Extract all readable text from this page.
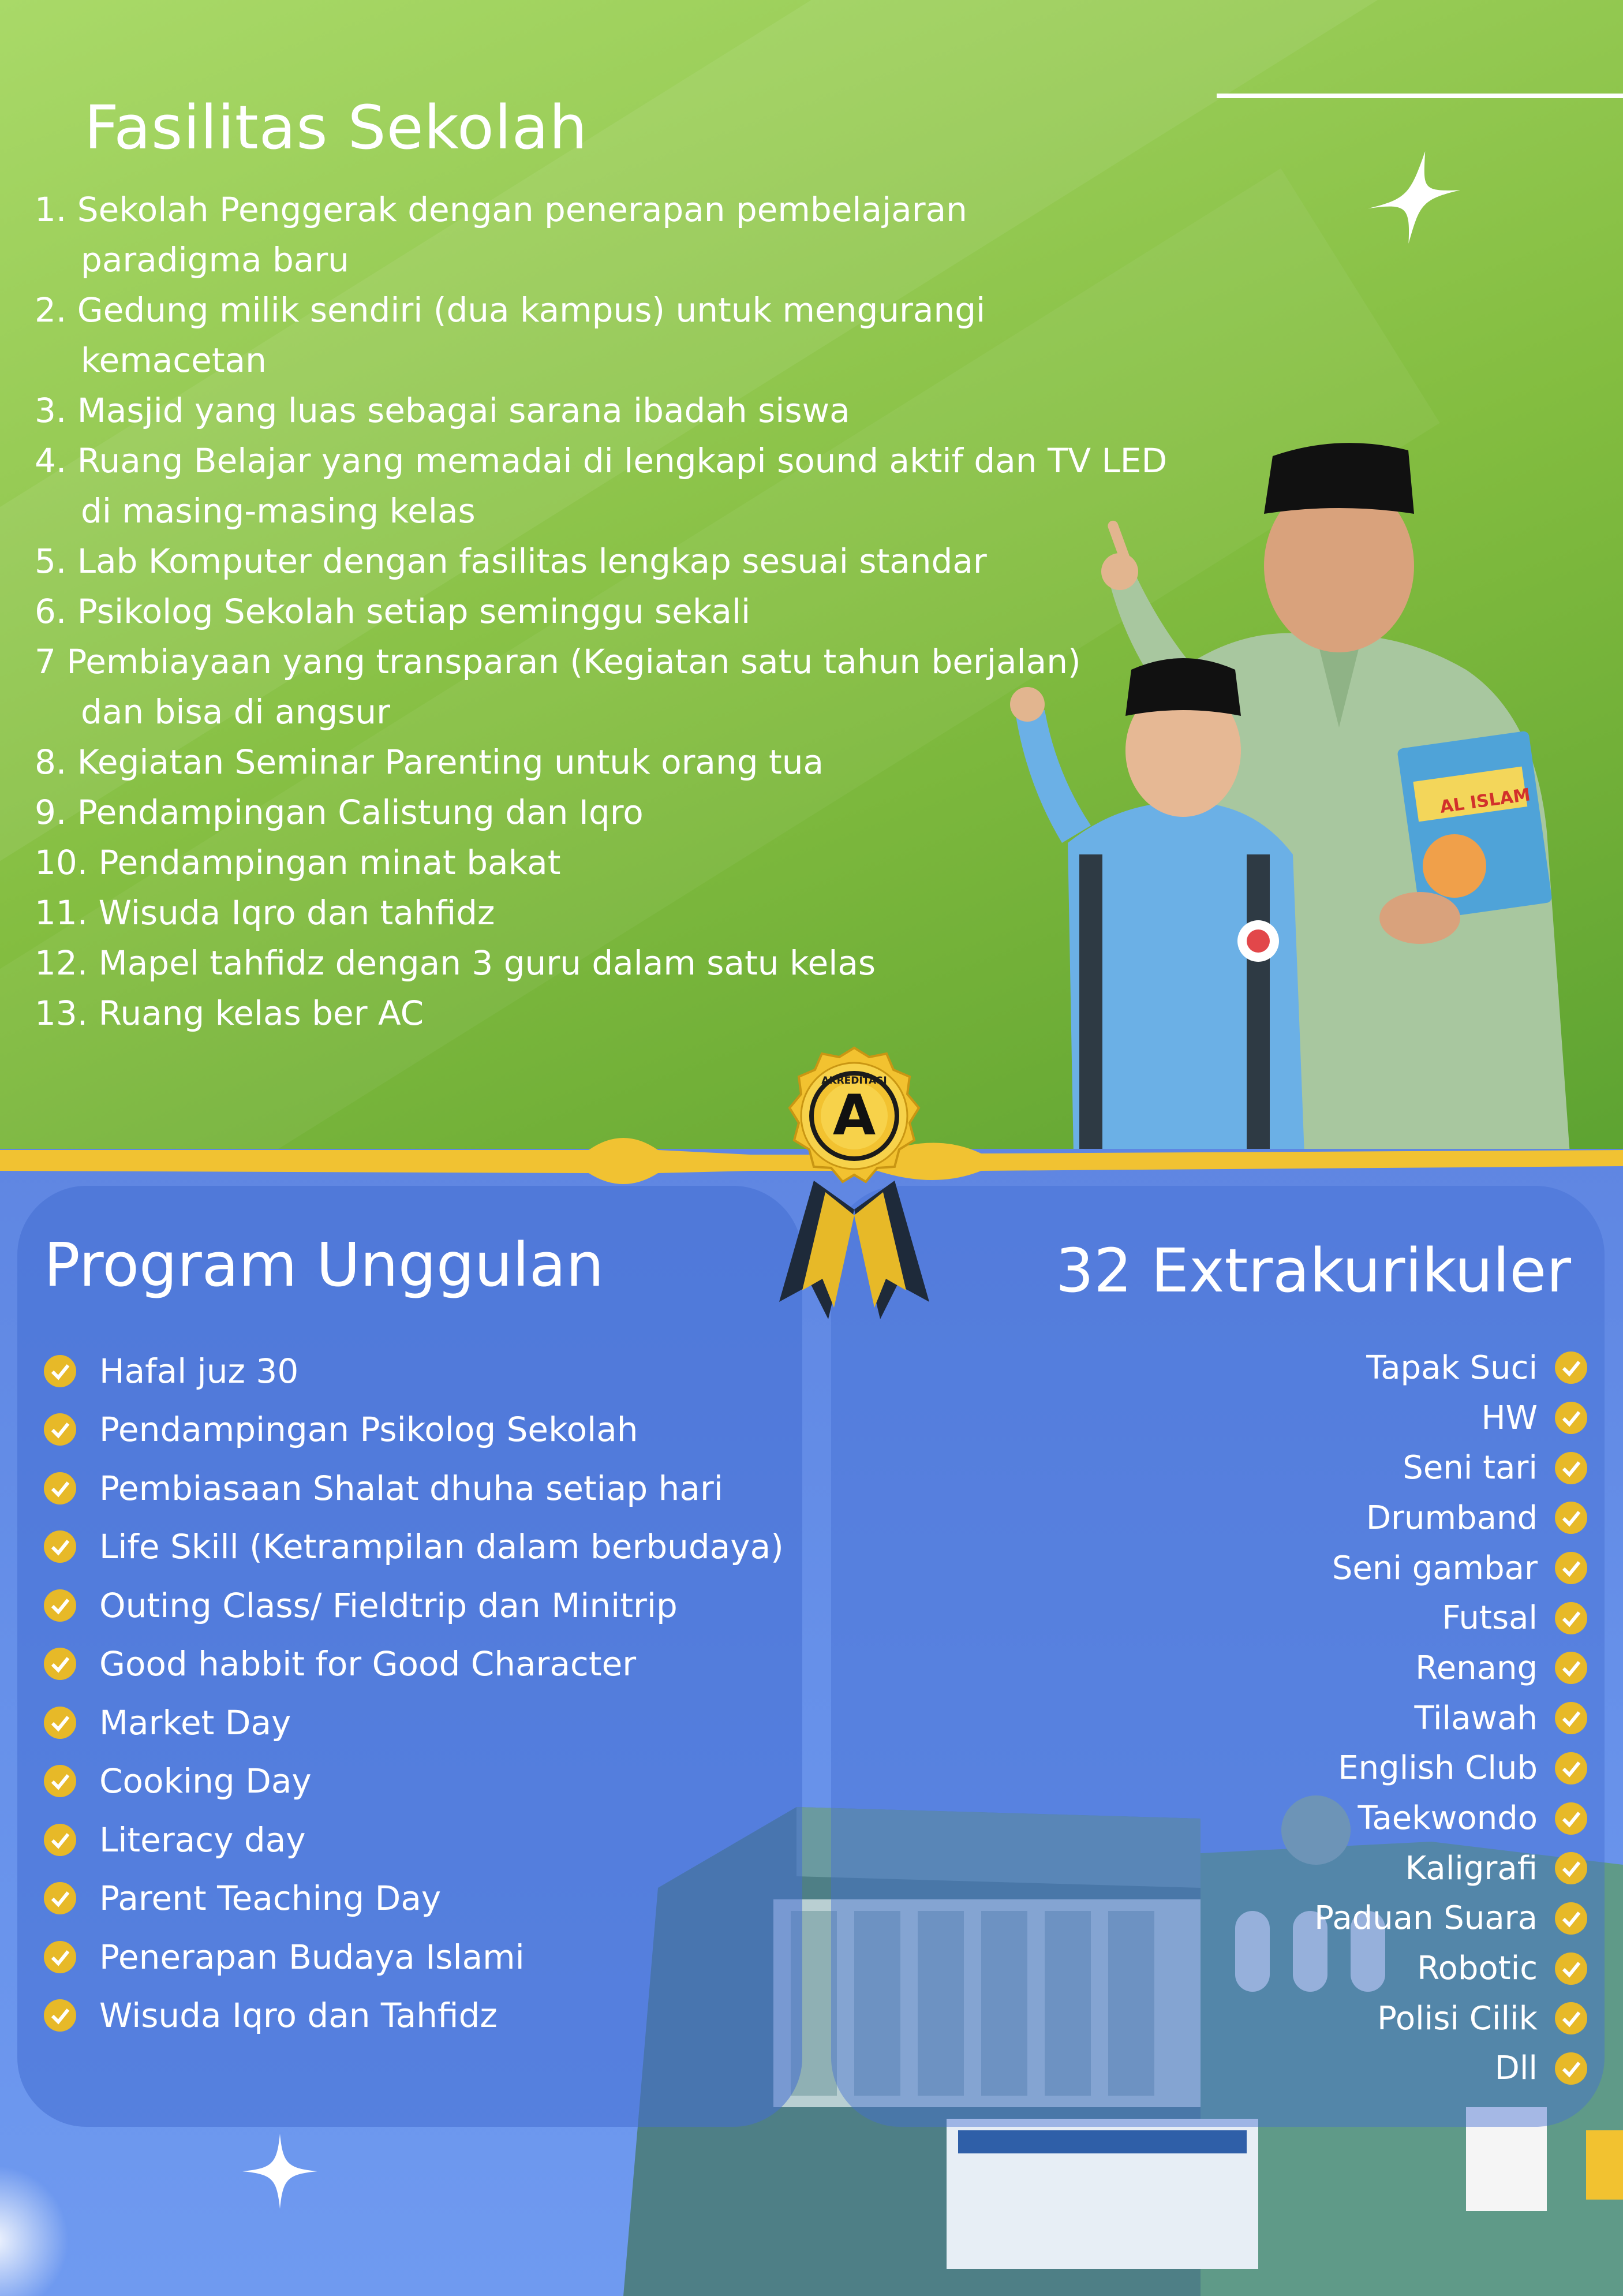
Fasilitas Sekolah
1. Sekolah Penggerak dengan penerapan pembelajaran
paradigma baru
2. Gedung milik sendiri (dua kampus) untuk mengurangi
kemacetan
3. Masjid yang luas sebagai sarana ibadah siswa
4. Ruang Belajar yang memadai di lengkapi sound aktif dan TV LED
di masing-masing kelas
5. Lab Komputer dengan fasilitas lengkap sesuai standar
6. Psikolog Sekolah setiap seminggu sekali
7 Pembiayaan yang transparan (Kegiatan satu tahun berjalan)
dan bisa di angsur
8. Kegiatan Seminar Parenting untuk orang tua
9. Pendampingan Calistung dan Iqro
10. Pendampingan minat bakat
11. Wisuda Iqro dan tahfidz
12. Mapel tahfidz dengan 3 guru dalam satu kelas
13. Ruang kelas ber AC
AL ISLAM
Program Unggulan	32 Extrakurikuler
Hafal juz 30
Pendampingan Psikolog Sekolah
Pembiasaan Shalat dhuha setiap hari
Life Skill (Ketrampilan dalam berbudaya)
Outing Class/ Fieldtrip dan Minitrip
Good habbit for Good Character
Market Day
Cooking Day
Literacy day
Parent Teaching Day
Penerapan Budaya Islami
Wisuda Iqro dan Tahfidz
Tapak Suci
HW
Seni tari
Drumband
Seni gambar
Futsal
Renang
Tilawah
English Club
Taekwondo
Kaligrafi
Paduan Suara
Robotic
Polisi Cilik
Dll
AKREDITASI
A
